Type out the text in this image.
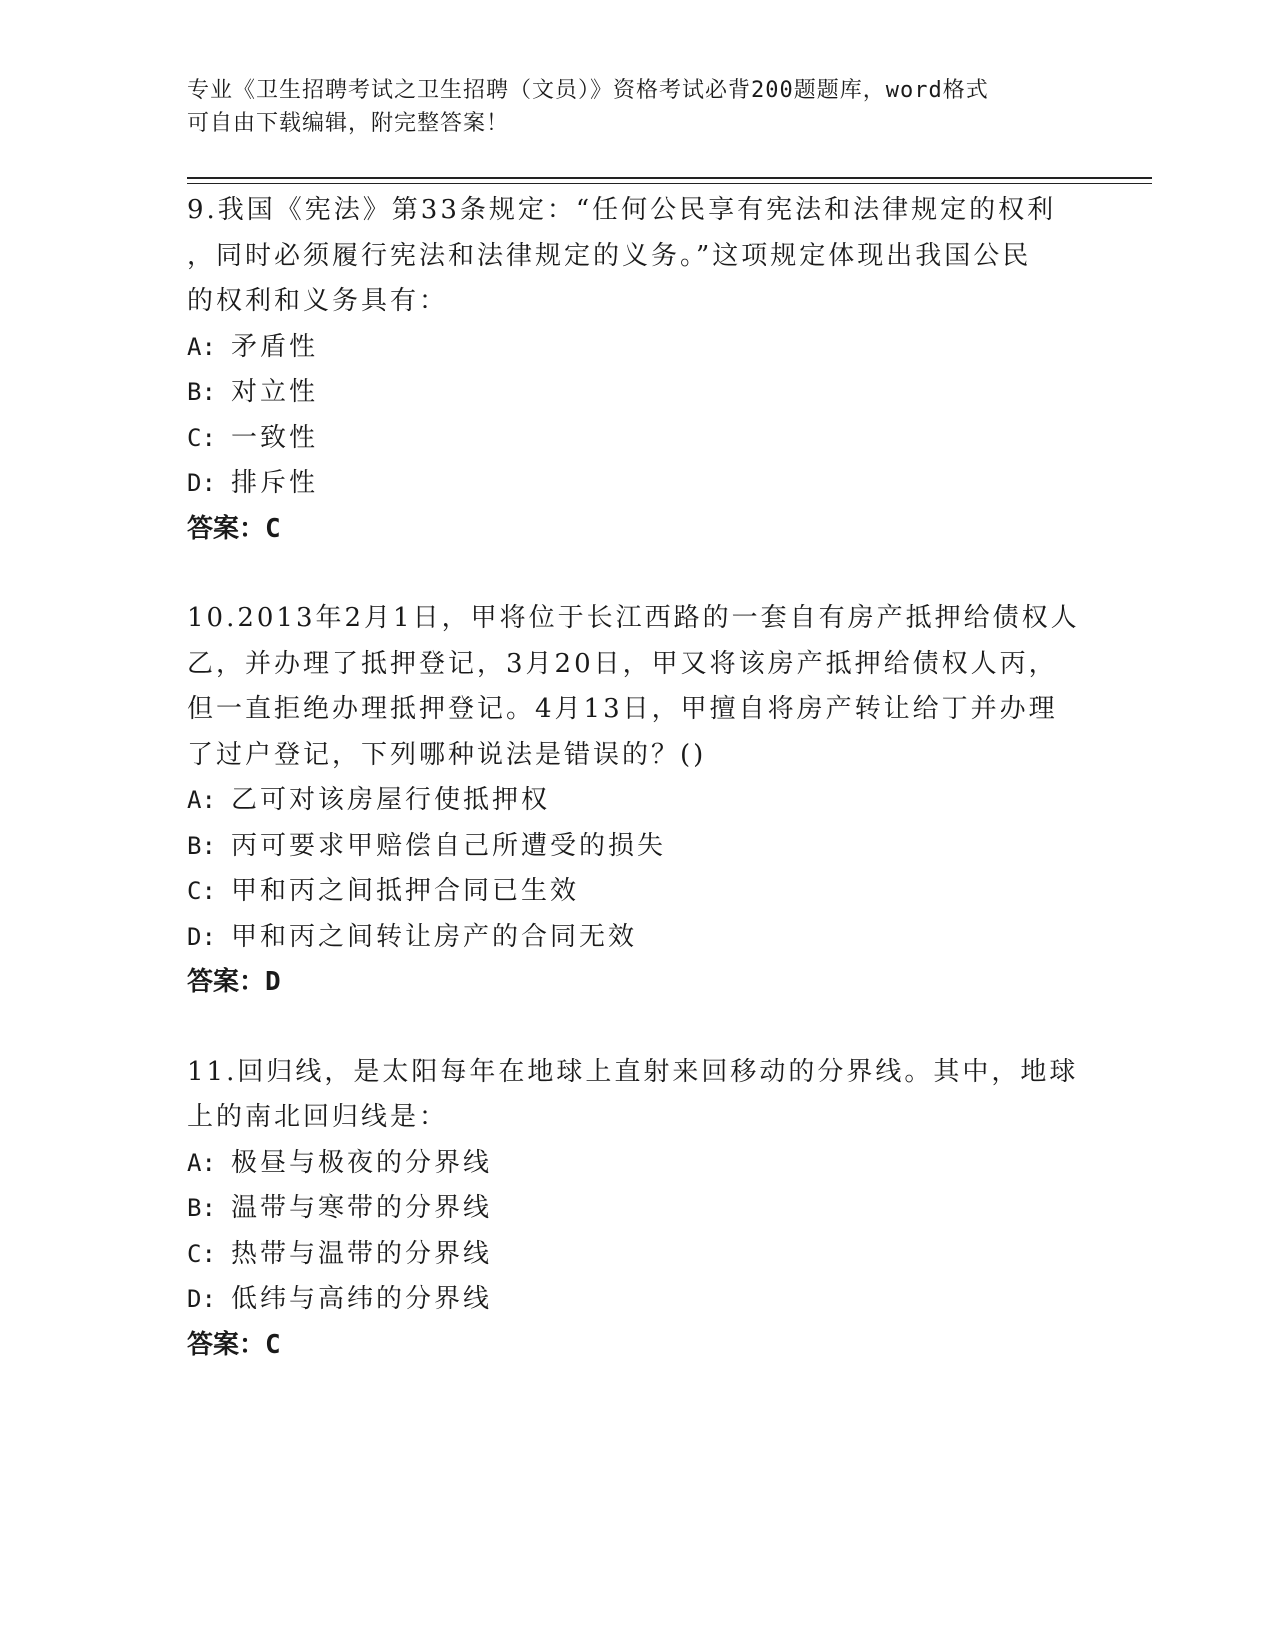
专业《卫生招聘考试之卫生招聘（文员）》资格考试必背200题题库，word格式
可自由下载编辑，附完整答案！

9.我国《宪法》第33条规定：“任何公民享有宪法和法律规定的权利

，同时必须履行宪法和法律规定的义务。”这项规定体现出我国公民

的权利和义务具有：

A: 矛盾性

B: 对立性

C: 一致性

D: 排斥性

答案：C

10.2013年2月1日，甲将位于长江西路的一套自有房产抵押给债权人

乙，并办理了抵押登记，3月20日，甲又将该房产抵押给债权人丙，

但一直拒绝办理抵押登记。4月13日，甲擅自将房产转让给丁并办理

了过户登记，下列哪种说法是错误的？()

A: 乙可对该房屋行使抵押权

B: 丙可要求甲赔偿自己所遭受的损失

C: 甲和丙之间抵押合同已生效

D: 甲和丙之间转让房产的合同无效

答案：D

11.回归线，是太阳每年在地球上直射来回移动的分界线。其中，地球

上的南北回归线是：

A: 极昼与极夜的分界线

B: 温带与寒带的分界线

C: 热带与温带的分界线

D: 低纬与高纬的分界线

答案：C
